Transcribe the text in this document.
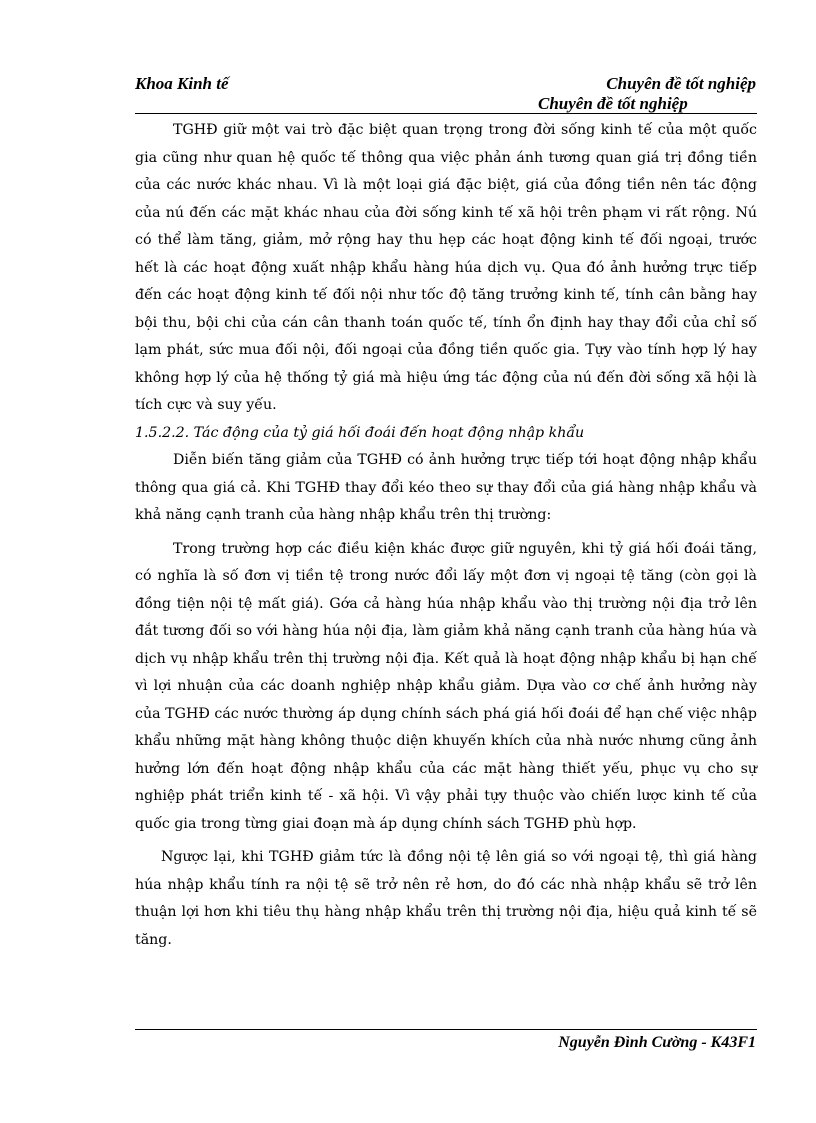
Khoa Kinh tế	Chuyên đề tốt nghiệp
Chuyên đề tốt nghiệp

TGHĐ giữ một vai trò đặc biệt quan trọng trong đời sống kinh tế của một quốc gia cũng như quan hệ quốc tế thông qua việc phản ánh tương quan giá trị đồng tiền của các nước khác nhau. Vì là một loại giá đặc biệt, giá của đồng tiền nên tác động của nú đến các mặt khác nhau của đời sống kinh tế xã hội trên phạm vi rất rộng. Nú có thể làm tăng, giảm, mở rộng hay thu hẹp các hoạt động kinh tế đối ngoại, trước hết là các hoạt động xuất nhập khẩu hàng húa dịch vụ. Qua đó ảnh hưởng trực tiếp đến các hoạt động kinh tế đối nội như tốc độ tăng trưởng kinh tế, tính cân bằng hay bội thu, bội chi của cán cân thanh toán quốc tế, tính ổn định hay thay đổi của chỉ số lạm phát, sức mua đối nội, đối ngoại của đồng tiền quốc gia. Tựy vào tính hợp lý hay không hợp lý của hệ thống tỷ giá mà hiệu ứng tác động của nú đến đời sống xã hội là tích cực và suy yếu.

1.5.2.2. Tác động của tỷ giá hối đoái đến hoạt động nhập khẩu

Diễn biến tăng giảm của TGHĐ có ảnh hưởng trực tiếp tới hoạt động nhập khẩu thông qua giá cả. Khi TGHĐ thay đổi kéo theo sự thay đổi của giá hàng nhập khẩu và khả năng cạnh tranh của hàng nhập khẩu trên thị trường:

Trong trường hợp các điều kiện khác được giữ nguyên, khi tỷ giá hối đoái tăng, có nghĩa là số đơn vị tiền tệ trong nước đổi lấy một đơn vị ngoại tệ tăng (còn gọi là đồng tiện nội tệ mất giá). Gớa cả hàng húa nhập khẩu vào thị trường nội địa trở lên đắt tương đối so với hàng húa nội địa, làm giảm khả năng cạnh tranh của hàng húa và dịch vụ nhập khẩu trên thị trường nội địa. Kết quả là hoạt động nhập khẩu bị hạn chế vì lợi nhuận của các doanh nghiệp nhập khẩu giảm. Dựa vào cơ chế ảnh hưởng này của TGHĐ các nước thường áp dụng chính sách phá giá hối đoái để hạn chế việc nhập khẩu những mặt hàng không thuộc diện khuyến khích của nhà nước nhưng cũng ảnh hưởng lớn đến hoạt động nhập khẩu của các mặt hàng thiết yếu, phục vụ cho sự nghiệp phát triển kinh tế - xã hội. Vì vậy phải tựy thuộc vào chiến lược kinh tế của quốc gia trong từng giai đoạn mà áp dụng chính sách TGHĐ phù hợp.

Ngược lại, khi TGHĐ giảm tức là đồng nội tệ lên giá so với ngoại tệ, thì giá hàng húa nhập khẩu tính ra nội tệ sẽ trở nên rẻ hơn, do đó các nhà nhập khẩu sẽ trở lên thuận lợi hơn khi tiêu thụ hàng nhập khẩu trên thị trường nội địa, hiệu quả kinh tế sẽ tăng.

Nguyễn Đình Cường - K43F1
